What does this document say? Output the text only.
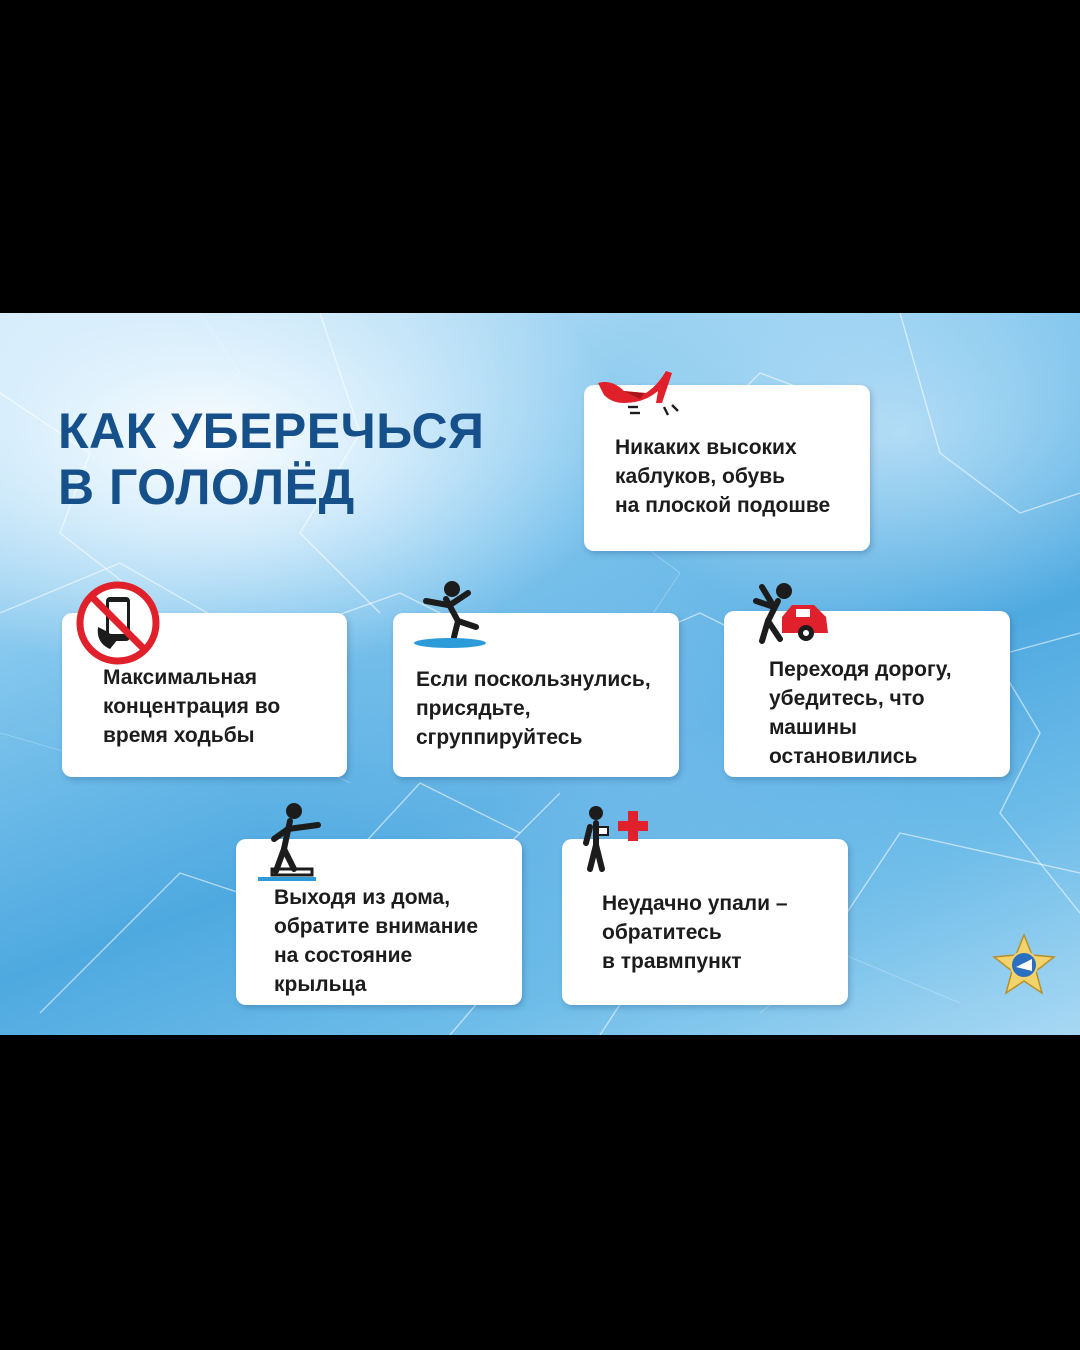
КАК УБЕРЕЧЬСЯ
В ГОЛОЛЁД

Никаких высоких
каблуков, обувь
на плоской подошве

Максимальная
концентрация во
время ходьбы

Если поскользнулись,
присядьте,
сгруппируйтесь

Переходя дорогу,
убедитесь, что
машины
остановились

Выходя из дома,
обратите внимание
на состояние
крыльца

Неудачно упали –
обратитесь
в травмпункт
